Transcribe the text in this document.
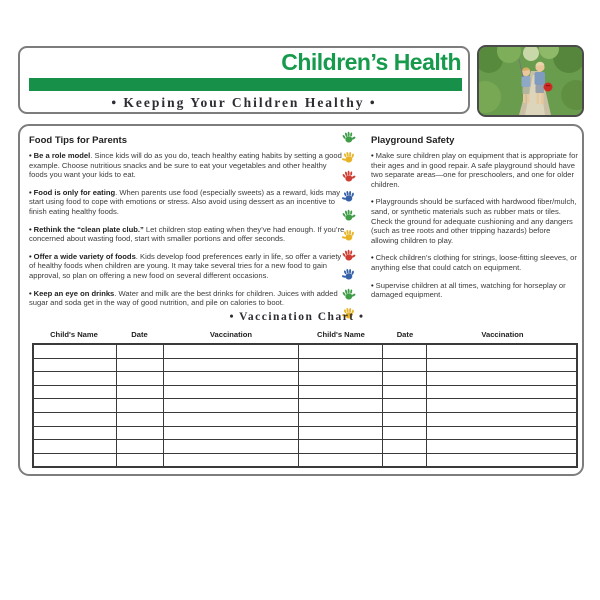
Children’s Health
• Keeping Your Children Healthy •
Food Tips for Parents

• Be a role model. Since kids will do as you do, teach healthy eating habits by setting a good example. Choose nutritious snacks and be sure to eat your vegetables and other healthy foods you want your kids to eat.

• Food is only for eating. When parents use food (especially sweets) as a reward, kids may start using food to cope with emotions or stress. Also avoid using dessert as an incentive to finish eating healthy foods.

• Rethink the “clean plate club.” Let children stop eating when they’ve had enough. If you’re concerned about wasting food, start with smaller portions and offer seconds.

• Offer a wide variety of foods. Kids develop food preferences early in life, so offer a variety of healthy foods when children are young. It may take several tries for a new food to gain approval, so plan on offering a new food on several different occasions.

• Keep an eye on drinks. Water and milk are the best drinks for children. Juices with added sugar and soda get in the way of good nutrition, and pile on calories to boot.

Playground Safety

• Make sure children play on equipment that is appropriate for their ages and in good repair. A safe playground should have two separate areas—one for preschoolers, and one for older children.

• Playgrounds should be surfaced with hardwood fiber/mulch, sand, or synthetic materials such as rubber mats or tiles. Check the ground for adequate cushioning and any dangers (such as tree roots and other tripping hazards) before allowing children to play.

• Check children’s clothing for strings, loose-fitting sleeves, or anything else that could catch on equipment.

• Supervise children at all times, watching for horseplay or damaged equipment.

• Vaccination Chart •
Child's Name	Date	Vaccination	Child's Name	Date	Vaccination
